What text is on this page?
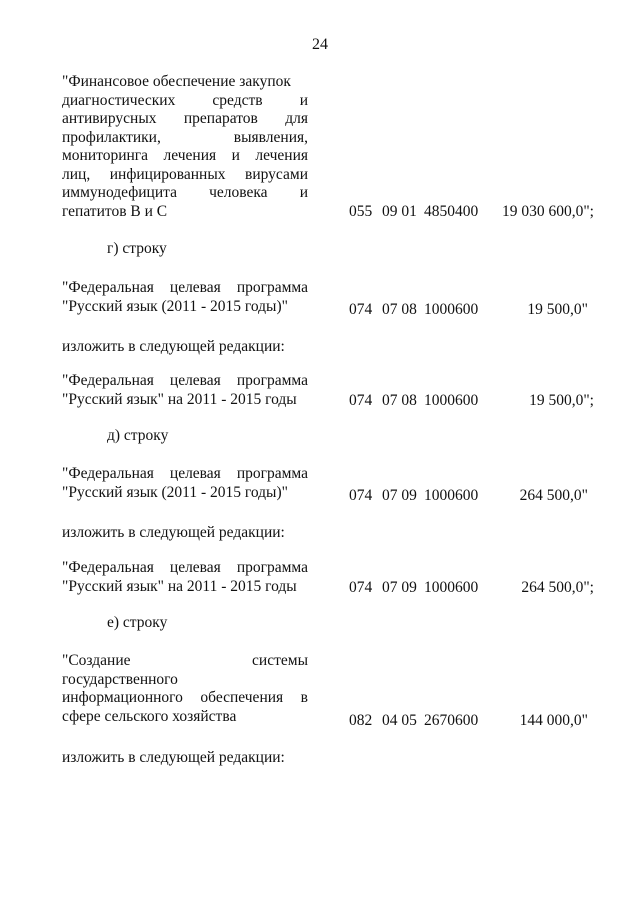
24
"Финансовое обеспечение закупок
диагностических средств и
антивирусных препаратов для
профилактики, выявления,
мониторинга лечения и лечения
лиц, инфицированных вирусами
иммунодефицита человека и
гепатитов В и С	055 09 01 4850400 19 030 600,0";
г) строку
"Федеральная целевая программа
"Русский язык (2011 - 2015 годы)"	074 07 08 1000600	19 500,0"
изложить в следующей редакции:
"Федеральная целевая программа
"Русский язык" на 2011 - 2015 годы	074 07 08 1000600	19 500,0";
д) строку
"Федеральная целевая программа
"Русский язык (2011 - 2015 годы)"	074 07 09 1000600	264 500,0"
изложить в следующей редакции:
"Федеральная целевая программа
"Русский язык" на 2011 - 2015 годы	074 07 09 1000600	264 500,0";
е) строку
"Создание системы
государственного
информационного обеспечения в
сфере сельского хозяйства	082 04 05 2670600	144 000,0"
изложить в следующей редакции:
